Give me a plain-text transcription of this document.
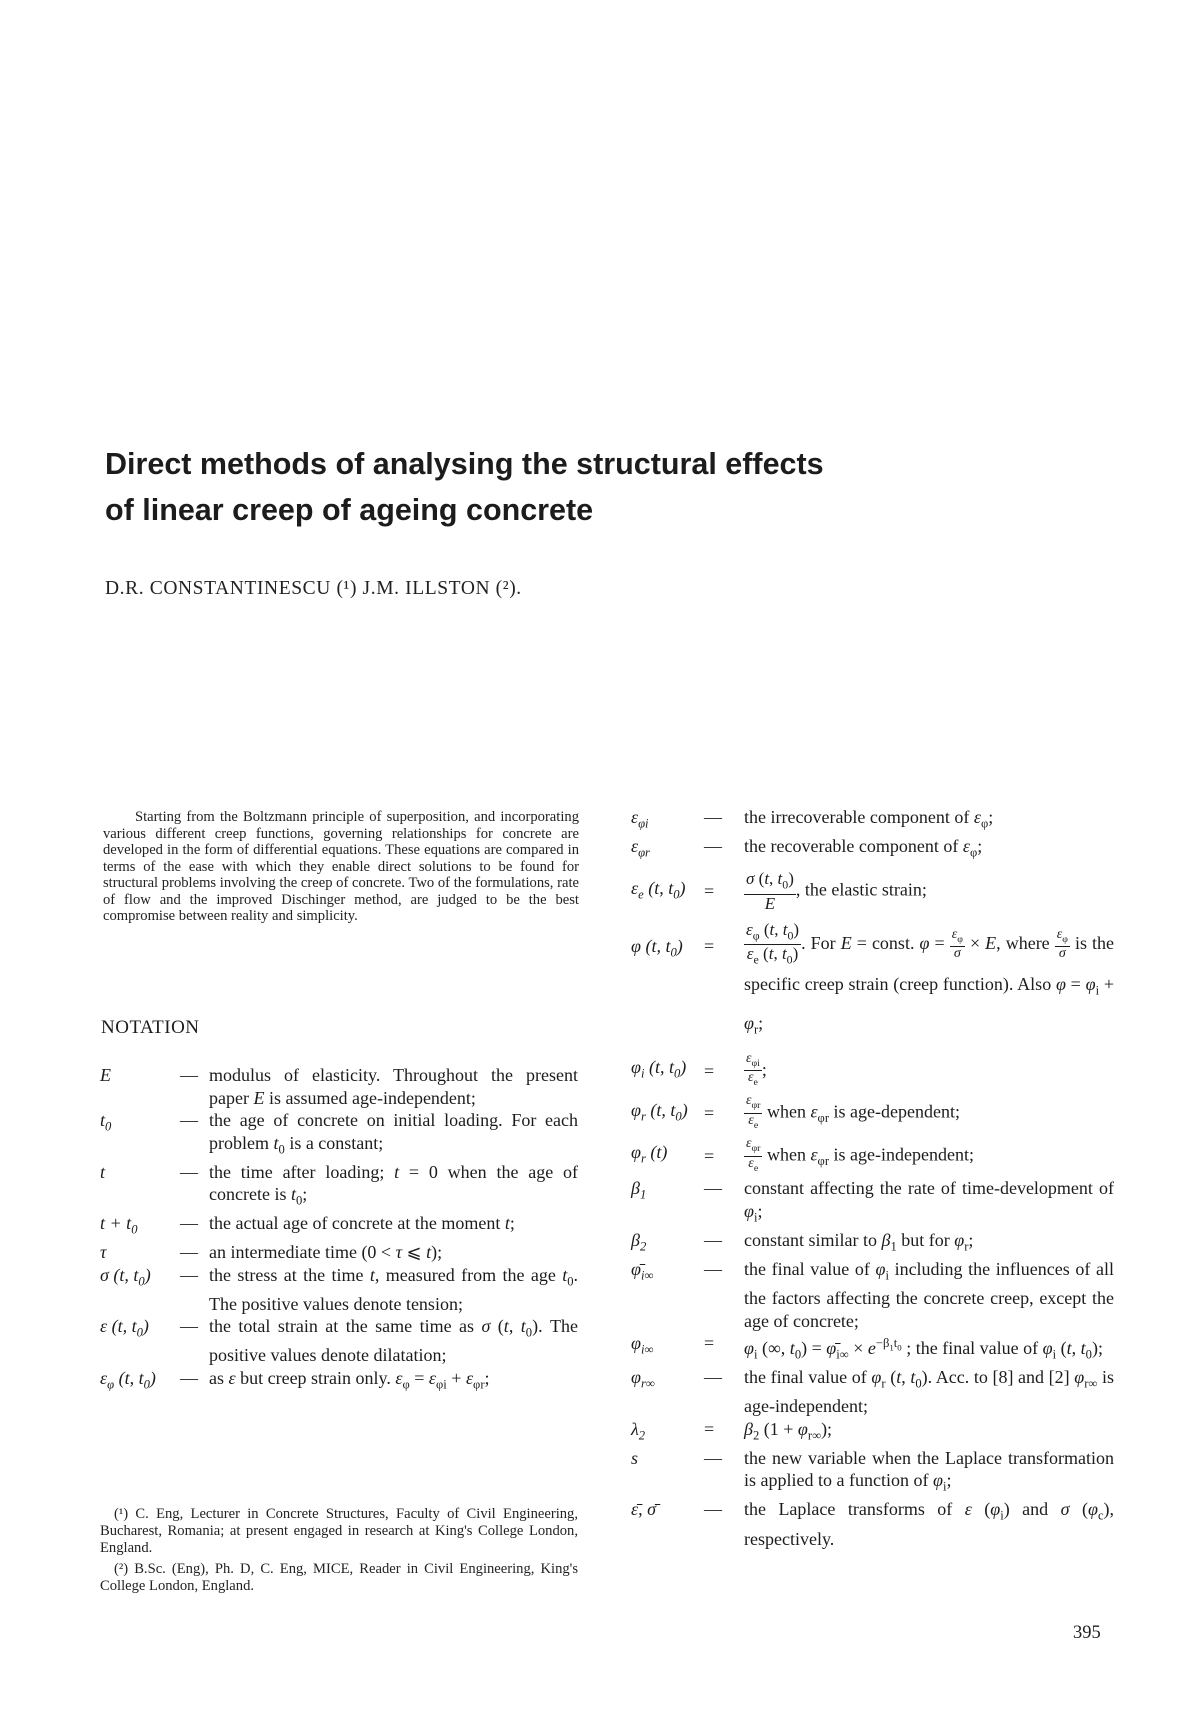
Direct methods of analysing the structural effects
of linear creep of ageing concrete
D.R. CONSTANTINESCU (¹) J.M. ILLSTON (²).

Starting from the Boltzmann principle of superposition, and incorporating various different creep functions, governing relationships for concrete are developed in the form of differential equations. These equations are compared in terms of the ease with which they enable direct solutions to be found for structural problems involving the creep of concrete. Two of the formulations, rate of flow and the improved Dischinger method, are judged to be the best compromise between reality and simplicity.

NOTATION
E	— modulus of elasticity. Throughout the present paper E is assumed age-independent;
$t_0$	— the age of concrete on initial loading. For each problem $t_0$ is a constant;
t	— the time after loading; t = 0 when the age of concrete is $t_0$;
$t + t_0$	— the actual age of concrete at the moment t;
τ	— an intermediate time (0 < τ ⩽ t);
σ (t, $t_0$)	— the stress at the time t, measured from the age $t_0$. The positive values denote tension;
ε (t, $t_0$)	— the total strain at the same time as σ (t, $t_0$). The positive values denote dilatation;
$\varepsilon_\varphi$ (t, $t_0$)	— as ε but creep strain only. $\varepsilon_\varphi = \varepsilon_{\varphi i} + \varepsilon_{\varphi r}$;
$\varepsilon_{\varphi i}$	—	the irrecoverable component of $\varepsilon_\varphi$;
$\varepsilon_{\varphi r}$	—	the recoverable component of $\varepsilon_\varphi$;
$\varepsilon_e$ (t, $t_0$)	=	$\frac{\sigma (t, t_0)}{E}$ , the elastic strain;
φ (t, $t_0$)	=	$\frac{\varepsilon_\varphi (t, t_0)}{\varepsilon_e (t, t_0)}$ . For E = const. $\varphi = \frac{\varepsilon_\varphi}{\sigma} \times E$, where $\frac{\varepsilon_\varphi}{\sigma}$ is the specific creep strain (creep function). Also $\varphi = \varphi_i + \varphi_r$;
$\varphi_i$ (t, $t_0$) =	$\frac{\varepsilon_{\varphi i}}{\varepsilon_e}$ ;
$\varphi_r$ (t, $t_0$) =	$\frac{\varepsilon_{\varphi r}}{\varepsilon_e}$ when $\varepsilon_{\varphi r}$ is age-dependent;
$\varphi_r$ (t)	=	$\frac{\varepsilon_{\varphi r}}{\varepsilon_e}$ when $\varepsilon_{\varphi r}$ is age-independent;
$\beta_1$	—	constant affecting the rate of time-development of $\varphi_i$;
$\beta_2$	—	constant similar to $\beta_1$ but for $\varphi_r$;
$\varphī_{i\infty}$	—	the final value of $\varphi_i$ including the influences of all the factors affecting the concrete creep, except the age of concrete;
$\varphi_{i\infty}$	=	$\varphi_i$ (∞, $t_0$) = $\varphī_{i\infty} \times e^{-\beta_1t_0}$ ; the final value of $\varphi_i$ (t, $t_0$);
$\varphi_{r\infty}$	—	the final value of $\varphi_r$ (t, $t_0$). Acc. to [8] and [2] $\varphi_{r\infty}$ is age-independent;
$\lambda_2$	=	$\beta_2$ $(1 + \varphi_{r\infty})$;
s	—	the new variable when the Laplace transformation is applied to a function of $\varphi_i$;
ε̄, σ̄	—	the Laplace transforms of ε $(\varphi_i)$ and σ $(\varphi_c)$, respectively.

(¹) C. Eng, Lecturer in Concrete Structures, Faculty of Civil Engineering, Bucharest, Romania; at present engaged in research at King's College London, England.

(²) B.Sc. (Eng), Ph. D, C. Eng, MICE, Reader in Civil Engineering, King's College London, England.

395
